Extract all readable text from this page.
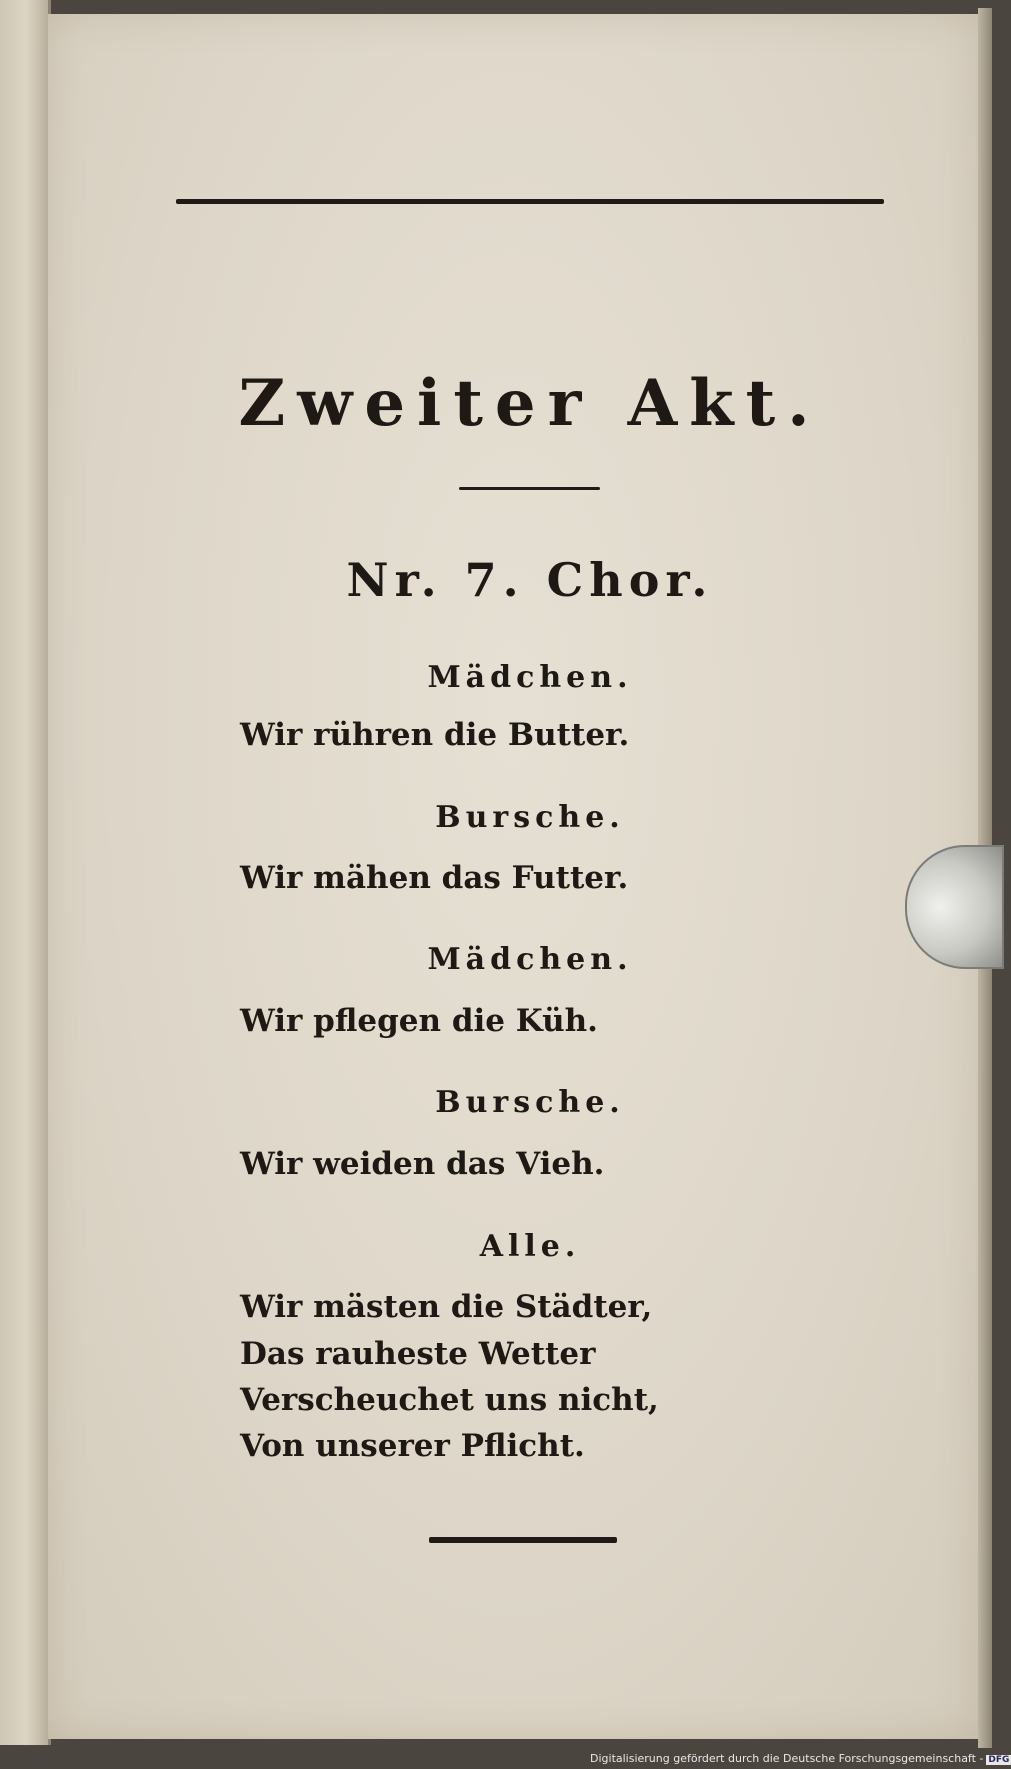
Zweiter Akt.
Nr. 7. Chor.
Mädchen.
Wir rühren die Butter.
Bursche.
Wir mähen das Futter.
Mädchen.
Wir pflegen die Küh.
Bursche.
Wir weiden das Vieh.
Alle.
Wir mästen die Städter,
Das rauheste Wetter
Verscheuchet uns nicht,
Von unserer Pflicht.
Digitalisierung gefördert durch die Deutsche Forschungsgemeinschaft - DFG
